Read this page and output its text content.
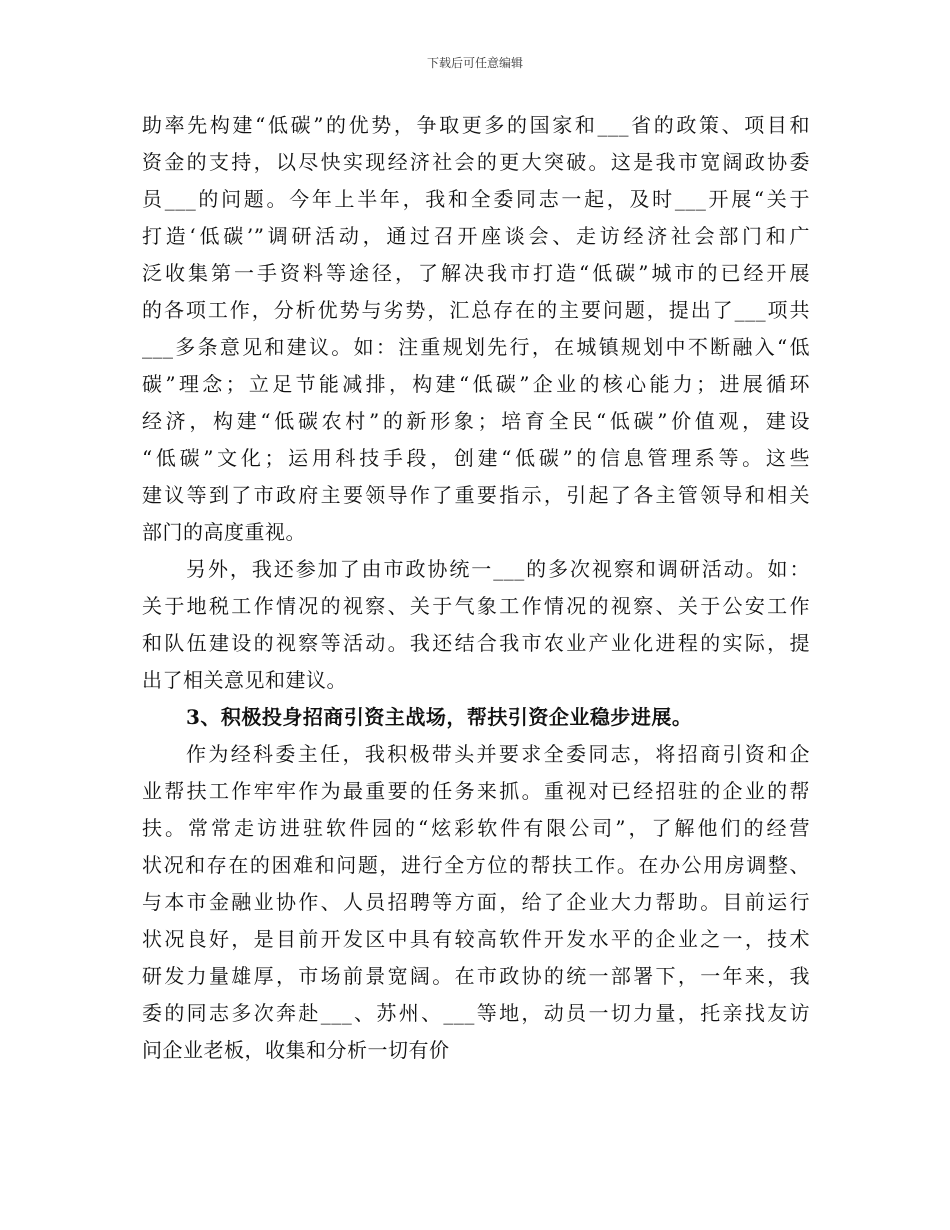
下载后可任意编辑
助率先构建“低碳”的优势，争取更多的国家和___省的政策、项目和
资金的支持，以尽快实现经济社会的更大突破。这是我市宽阔政协委
员___的问题。今年上半年，我和全委同志一起，及时___开展“关于
打造‘低碳’”调研活动，通过召开座谈会、走访经济社会部门和广
泛收集第一手资料等途径，了解决我市打造“低碳”城市的已经开展
的各项工作，分析优势与劣势，汇总存在的主要问题，提出了___项共
___多条意见和建议。如：注重规划先行，在城镇规划中不断融入“低
碳”理念；立足节能减排，构建“低碳”企业的核心能力；进展循环
经济，构建“低碳农村”的新形象；培育全民“低碳”价值观，建设
“低碳”文化；运用科技手段，创建“低碳”的信息管理系等。这些
建议等到了市政府主要领导作了重要指示，引起了各主管领导和相关
部门的高度重视。
另外，我还参加了由市政协统一___的多次视察和调研活动。如：
关于地税工作情况的视察、关于气象工作情况的视察、关于公安工作
和队伍建设的视察等活动。我还结合我市农业产业化进程的实际，提
出了相关意见和建议。
3、积极投身招商引资主战场，帮扶引资企业稳步进展。
作为经科委主任，我积极带头并要求全委同志，将招商引资和企
业帮扶工作牢牢作为最重要的任务来抓。重视对已经招驻的企业的帮
扶。常常走访进驻软件园的“炫彩软件有限公司”，了解他们的经营
状况和存在的困难和问题，进行全方位的帮扶工作。在办公用房调整、
与本市金融业协作、人员招聘等方面，给了企业大力帮助。目前运行
状况良好，是目前开发区中具有较高软件开发水平的企业之一，技术
研发力量雄厚，市场前景宽阔。在市政协的统一部署下，一年来，我
委的同志多次奔赴___、苏州、___等地，动员一切力量，托亲找友访
问企业老板，收集和分析一切有价
